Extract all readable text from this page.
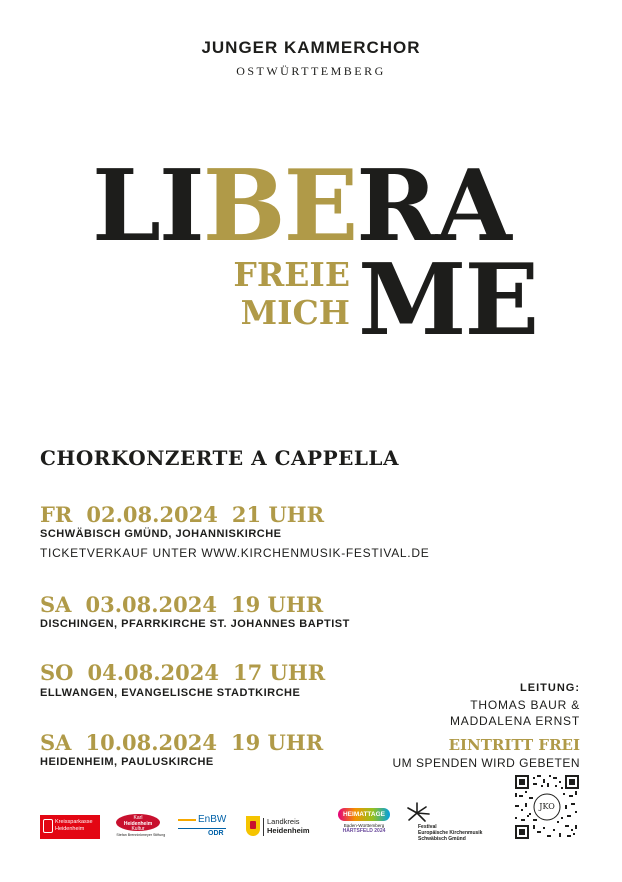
JUNGER KAMMERCHOR
OSTWÜRTTEMBERG
LIBERA
FREIE
MICH ME
CHORKONZERTE A CAPPELLA
FR 02.08.2024 21 UHR
SCHWÄBISCH GMÜND, JOHANNISKIRCHE
TICKETVERKAUF UNTER WWW.KIRCHENMUSIK-FESTIVAL.DE
SA 03.08.2024 19 UHR
DISCHINGEN, PFARRKIRCHE ST. JOHANNES BAPTIST
SO 04.08.2024 17 UHR
ELLWANGEN, EVANGELISCHE STADTKIRCHE
SA 10.08.2024 19 UHR
HEIDENHEIM, PAULUSKIRCHE
LEITUNG:
THOMAS BAUR &
MADDALENA ERNST
EINTRITT FREI
UM SPENDEN WIRD GEBETEN
Kreissparkasse
Heidenheim
Karl
Heidenheim
Kultur
Stefan Brenninkmeyer Stiftung
EnBW
ODR
Landkreis
Heidenheim
HEIMATTAGE
Baden-Württemberg
HÄRTSFELD 2024
Festival
Europäische Kirchenmusik
Schwäbisch Gmünd
JKO
